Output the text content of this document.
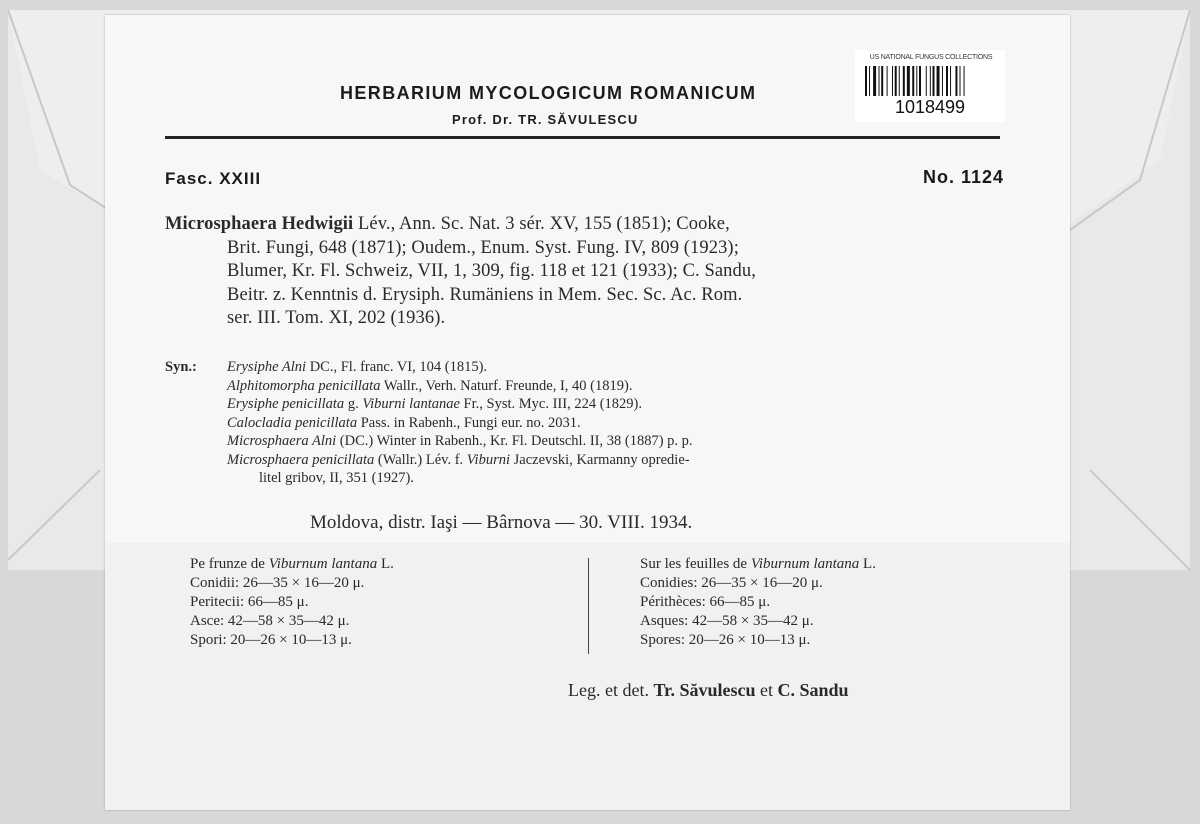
US NATIONAL FUNGUS COLLECTIONS
1018499
HERBARIUM MYCOLOGICUM ROMANICUM
Prof. Dr. TR. SĂVULESCU
Fasc. XXIII	No. 1124
Microsphaera Hedwigii Lév., Ann. Sc. Nat. 3 sér. XV, 155 (1851); Cooke,
Brit. Fungi, 648 (1871); Oudem., Enum. Syst. Fung. IV, 809 (1923);
Blumer, Kr. Fl. Schweiz, VII, 1, 309, fig. 118 et 121 (1933); C. Sandu,
Beitr. z. Kenntnis d. Erysiph. Rumäniens in Mem. Sec. Sc. Ac. Rom.
ser. III. Tom. XI, 202 (1936).
Syn.: Erysiphe Alni DC., Fl. franc. VI, 104 (1815).
Alphitomorpha penicillata Wallr., Verh. Naturf. Freunde, I, 40 (1819).
Erysiphe penicillata g. Viburni lantanae Fr., Syst. Myc. III, 224 (1829).
Calocladia penicillata Pass. in Rabenh., Fungi eur. no. 2031.
Microsphaera Alni (DC.) Winter in Rabenh., Kr. Fl. Deutschl. II, 38 (1887) p. p.
Microsphaera penicillata (Wallr.) Lév. f. Viburni Jaczevski, Karmanny opredie-
litel gribov, II, 351 (1927).
Moldova, distr. Iaşi — Bârnova — 30. VIII. 1934.
Pe frunze de Viburnum lantana L.
Conidii: 26—35 × 16—20 μ.
Peritecii: 66—85 μ.
Asce: 42—58 × 35—42 μ.
Spori: 20—26 × 10—13 μ.
Sur les feuilles de Viburnum lantana L.
Conidies: 26—35 × 16—20 μ.
Périthèces: 66—85 μ.
Asques: 42—58 × 35—42 μ.
Spores: 20—26 × 10—13 μ.
Leg. et det. Tr. Săvulescu et C. Sandu
